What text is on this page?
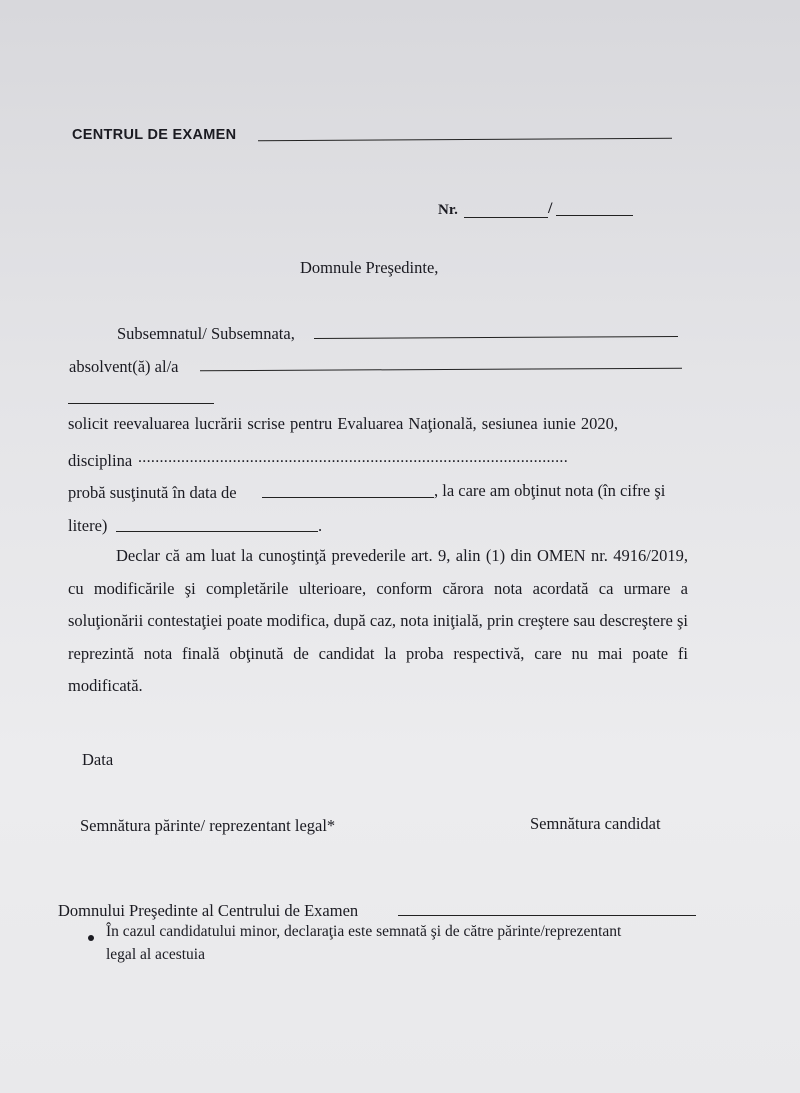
CENTRUL DE EXAMEN
Nr.	/
Domnule Preşedinte,
Subsemnatul/ Subsemnata,
absolvent(ă) al/a
solicit reevaluarea lucrării scrise pentru Evaluarea Naţională, sesiunea iunie 2020,
disciplina ....................................................................................................
probă susţinută în data de	, la care am obţinut nota (în cifre şi
litere)	.
Declar că am luat la cunoştinţă prevederile art. 9, alin (1) din OMEN nr. 4916/2019, cu modificările şi completările ulterioare, conform cărora nota acordată ca urmare a soluţionării contestaţiei poate modifica, după caz, nota iniţială, prin creştere sau descreştere şi reprezintă nota finală obţinută de candidat la proba respectivă, care nu mai poate fi modificată.
Data
Semnătura părinte/ reprezentant legal*	Semnătura candidat
Domnului Preşedinte al Centrului de Examen
În cazul candidatului minor, declaraţia este semnată şi de către părinte/reprezentant
legal al acestuia
